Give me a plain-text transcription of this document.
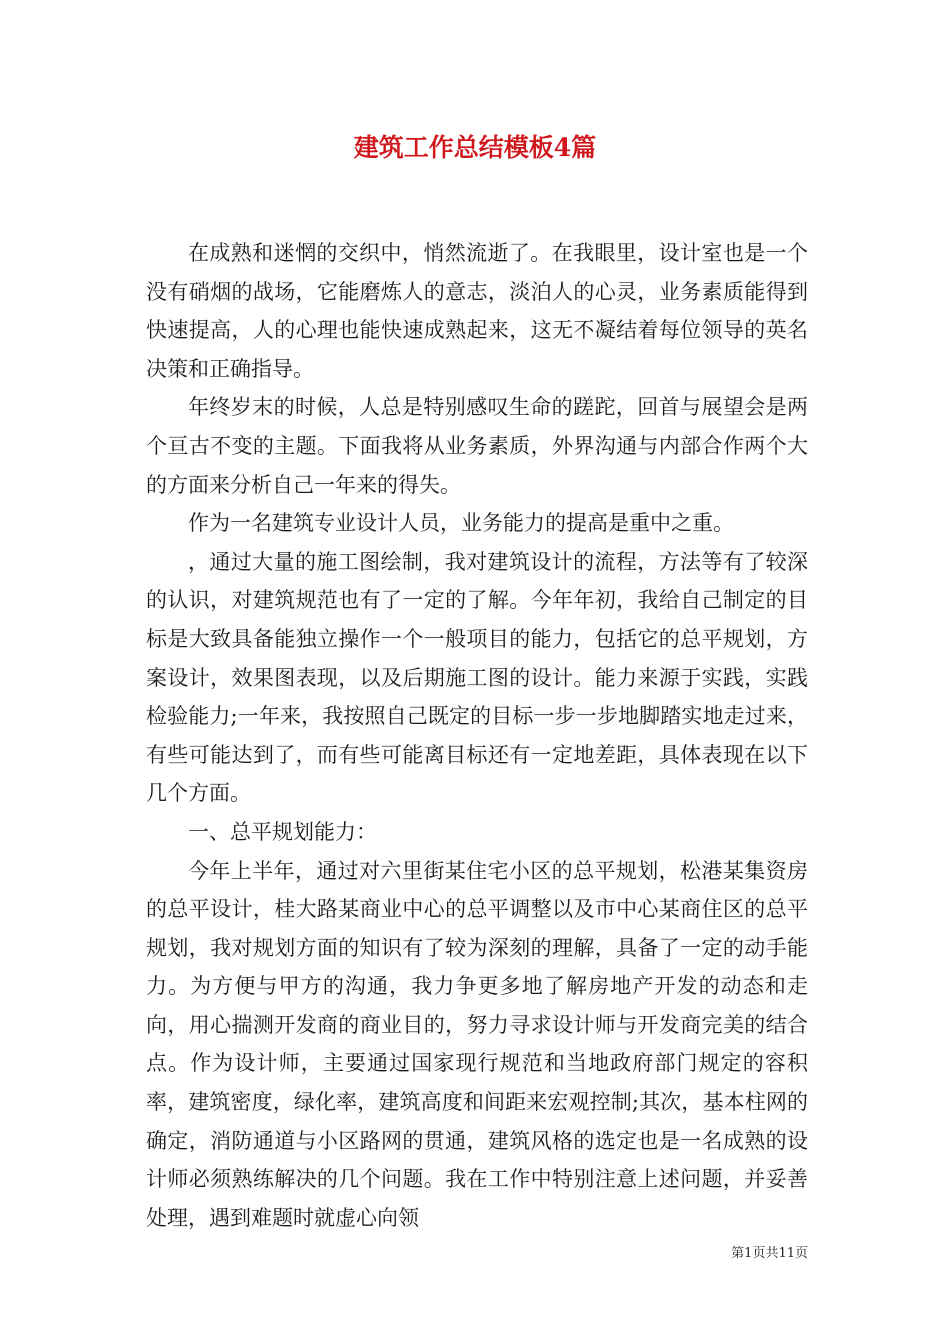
建筑工作总结模板4篇

在成熟和迷惘的交织中，悄然流逝了。在我眼里，设计室也是一个没有硝烟的战场，它能磨炼人的意志，淡泊人的心灵，业务素质能得到快速提高，人的心理也能快速成熟起来，这无不凝结着每位领导的英名决策和正确指导。

年终岁末的时候，人总是特别感叹生命的蹉跎，回首与展望会是两个亘古不变的主题。下面我将从业务素质，外界沟通与内部合作两个大的方面来分析自己一年来的得失。

作为一名建筑专业设计人员，业务能力的提高是重中之重。

，通过大量的施工图绘制，我对建筑设计的流程，方法等有了较深的认识，对建筑规范也有了一定的了解。今年年初，我给自己制定的目标是大致具备能独立操作一个一般项目的能力，包括它的总平规划，方案设计，效果图表现，以及后期施工图的设计。能力来源于实践，实践检验能力;一年来，我按照自己既定的目标一步一步地脚踏实地走过来，有些可能达到了，而有些可能离目标还有一定地差距，具体表现在以下几个方面。

一、总平规划能力：

今年上半年，通过对六里街某住宅小区的总平规划，松港某集资房的总平设计，桂大路某商业中心的总平调整以及市中心某商住区的总平规划，我对规划方面的知识有了较为深刻的理解，具备了一定的动手能力。为方便与甲方的沟通，我力争更多地了解房地产开发的动态和走向，用心揣测开发商的商业目的，努力寻求设计师与开发商完美的结合点。作为设计师，主要通过国家现行规范和当地政府部门规定的容积率，建筑密度，绿化率，建筑高度和间距来宏观控制;其次，基本柱网的确定，消防通道与小区路网的贯通，建筑风格的选定也是一名成熟的设计师必须熟练解决的几个问题。我在工作中特别注意上述问题，并妥善处理，遇到难题时就虚心向领

第1页共11页
